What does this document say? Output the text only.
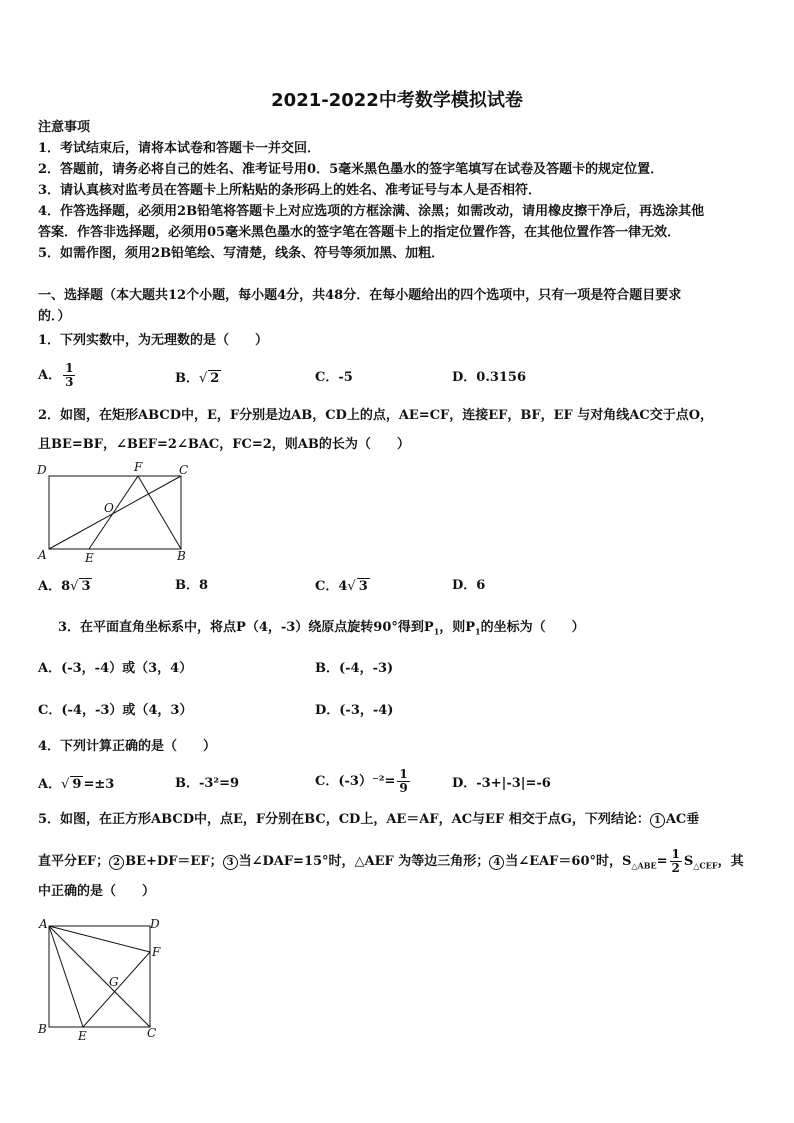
2021-2022中考数学模拟试卷
注意事项
1．考试结束后，请将本试卷和答题卡一并交回．
2．答题前，请务必将自己的姓名、准考证号用0．5毫米黑色墨水的签字笔填写在试卷及答题卡的规定位置．
3．请认真核对监考员在答题卡上所粘贴的条形码上的姓名、准考证号与本人是否相符．
4．作答选择题，必须用2B铅笔将答题卡上对应选项的方框涂满、涂黑；如需改动，请用橡皮擦干净后，再选涂其他
答案．作答非选择题，必须用05毫米黑色墨水的签字笔在答题卡上的指定位置作答，在其他位置作答一律无效．
5．如需作图，须用2B铅笔绘、写清楚，线条、符号等须加黑、加粗．
一、选择题（本大题共12个小题，每小题4分，共48分．在每小题给出的四个选项中，只有一项是符合题目要求
的．）
1．下列实数中，为无理数的是（　　）
A． $\frac{1}{3}$	B．√ 2	C．-5	D．0.3156
2．如图，在矩形ABCD中，E，F分别是边AB，CD上的点，AE=CF，连接EF，BF，EF 与对角线AC交于点O，
且BE=BF，∠BEF=2∠BAC，FC=2，则AB的长为（　　）
D	F	C
O
A	E	B
A．8√ 3	B．8	C．4√ 3	D．6
3．在平面直角坐标系中，将点P（4，-3）绕原点旋转90°得到$P_1$，则$P_1$的坐标为（　　）
A．(-3，-4）或（3，4）	B．(-4，-3)
C．(-4，-3）或（4，3）	D．(-3，-4)
4．下列计算正确的是（　　）
A．√ 9 =±3	B．-3²=9	C．$(-3)^{-2}= \frac{1}{9}$	D．-3+|-3|=-6
5．如图，在正方形ABCD中，点E，F分别在BC，CD上，AE＝AF，AC与EF 相交于点G，下列结论： 1 AC垂
直平分EF； 2 BE+DF＝EF； 3 当∠DAF=15°时，△AEF 为等边三角形； 4 当∠EAF＝60°时，$S_{\triangle ABE}= \frac{1}{2} S_{\triangle CEF}$，其
中正确的是（　　）
A	D
F
G
B	E	C
